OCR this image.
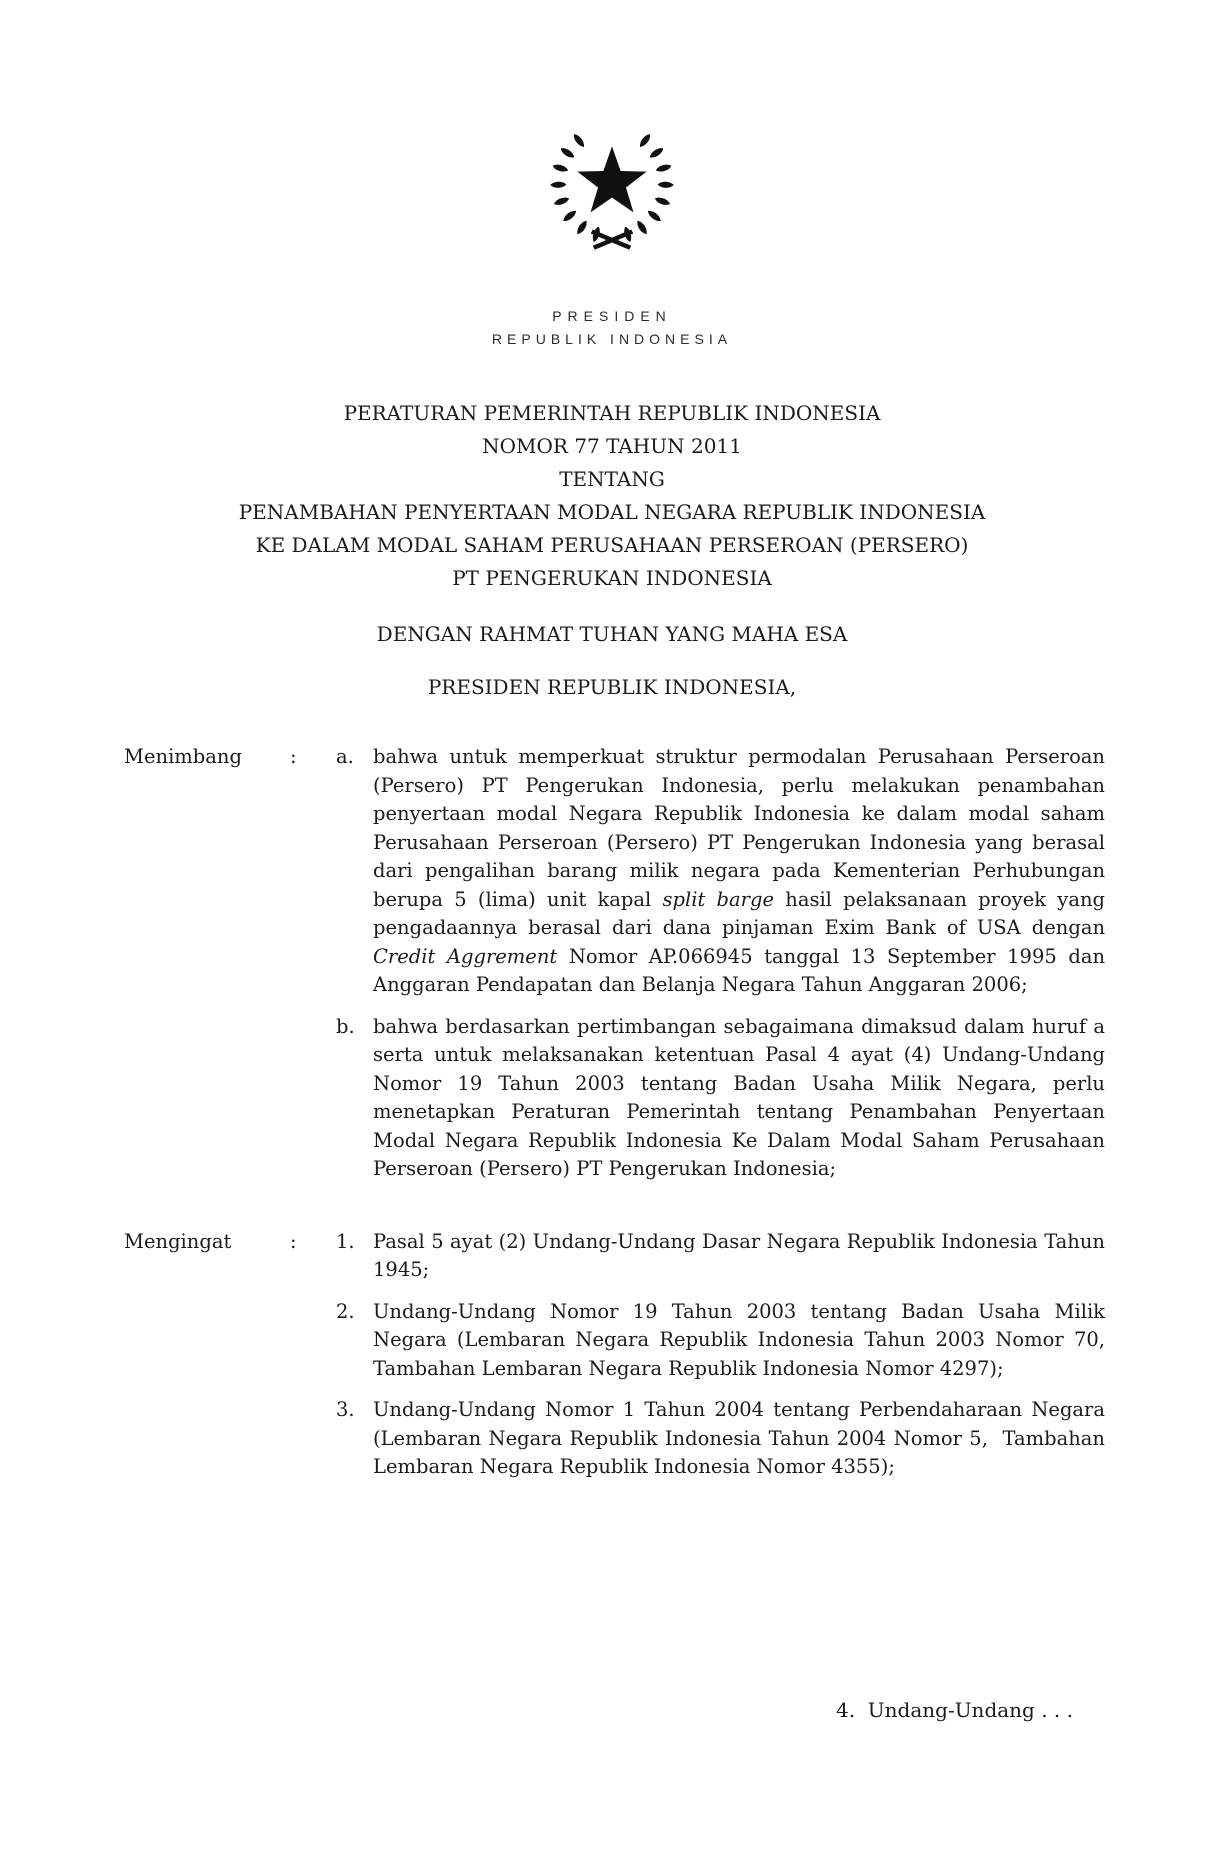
PRESIDEN
REPUBLIK INDONESIA
PERATURAN PEMERINTAH REPUBLIK INDONESIA
NOMOR 77 TAHUN 2011
TENTANG
PENAMBAHAN PENYERTAAN MODAL NEGARA REPUBLIK INDONESIA
KE DALAM MODAL SAHAM PERUSAHAAN PERSEROAN (PERSERO)
PT PENGERUKAN INDONESIA
DENGAN RAHMAT TUHAN YANG MAHA ESA
PRESIDEN REPUBLIK INDONESIA,
Menimbang	:	a. bahwa untuk memperkuat struktur permodalan Perusahaan Perseroan (Persero) PT Pengerukan Indonesia, perlu melakukan penambahan penyertaan modal Negara Republik Indonesia ke dalam modal saham Perusahaan Perseroan (Persero) PT Pengerukan Indonesia yang berasal dari pengalihan barang milik negara pada Kementerian Perhubungan berupa 5 (lima) unit kapal split barge hasil pelaksanaan proyek yang pengadaannya berasal dari dana pinjaman Exim Bank of USA dengan Credit Aggrement Nomor AP.066945 tanggal 13 September 1995 dan Anggaran Pendapatan dan Belanja Negara Tahun Anggaran 2006;
b. bahwa berdasarkan pertimbangan sebagaimana dimaksud dalam huruf a serta untuk melaksanakan ketentuan Pasal 4 ayat (4) Undang-Undang Nomor 19 Tahun 2003 tentang Badan Usaha Milik Negara, perlu menetapkan Peraturan Pemerintah tentang Penambahan Penyertaan Modal Negara Republik Indonesia Ke Dalam Modal Saham Perusahaan Perseroan (Persero) PT Pengerukan Indonesia;
Mengingat	:	1. Pasal 5 ayat (2) Undang-Undang Dasar Negara Republik Indonesia Tahun 1945;
2. Undang-Undang Nomor 19 Tahun 2003 tentang Badan Usaha Milik Negara (Lembaran Negara Republik Indonesia Tahun 2003 Nomor 70, Tambahan Lembaran Negara Republik Indonesia Nomor 4297);
3. Undang-Undang Nomor 1 Tahun 2004 tentang Perbendaharaan Negara (Lembaran Negara Republik Indonesia Tahun 2004 Nomor 5,  Tambahan Lembaran Negara Republik Indonesia Nomor 4355);
4.  Undang-Undang . . .
